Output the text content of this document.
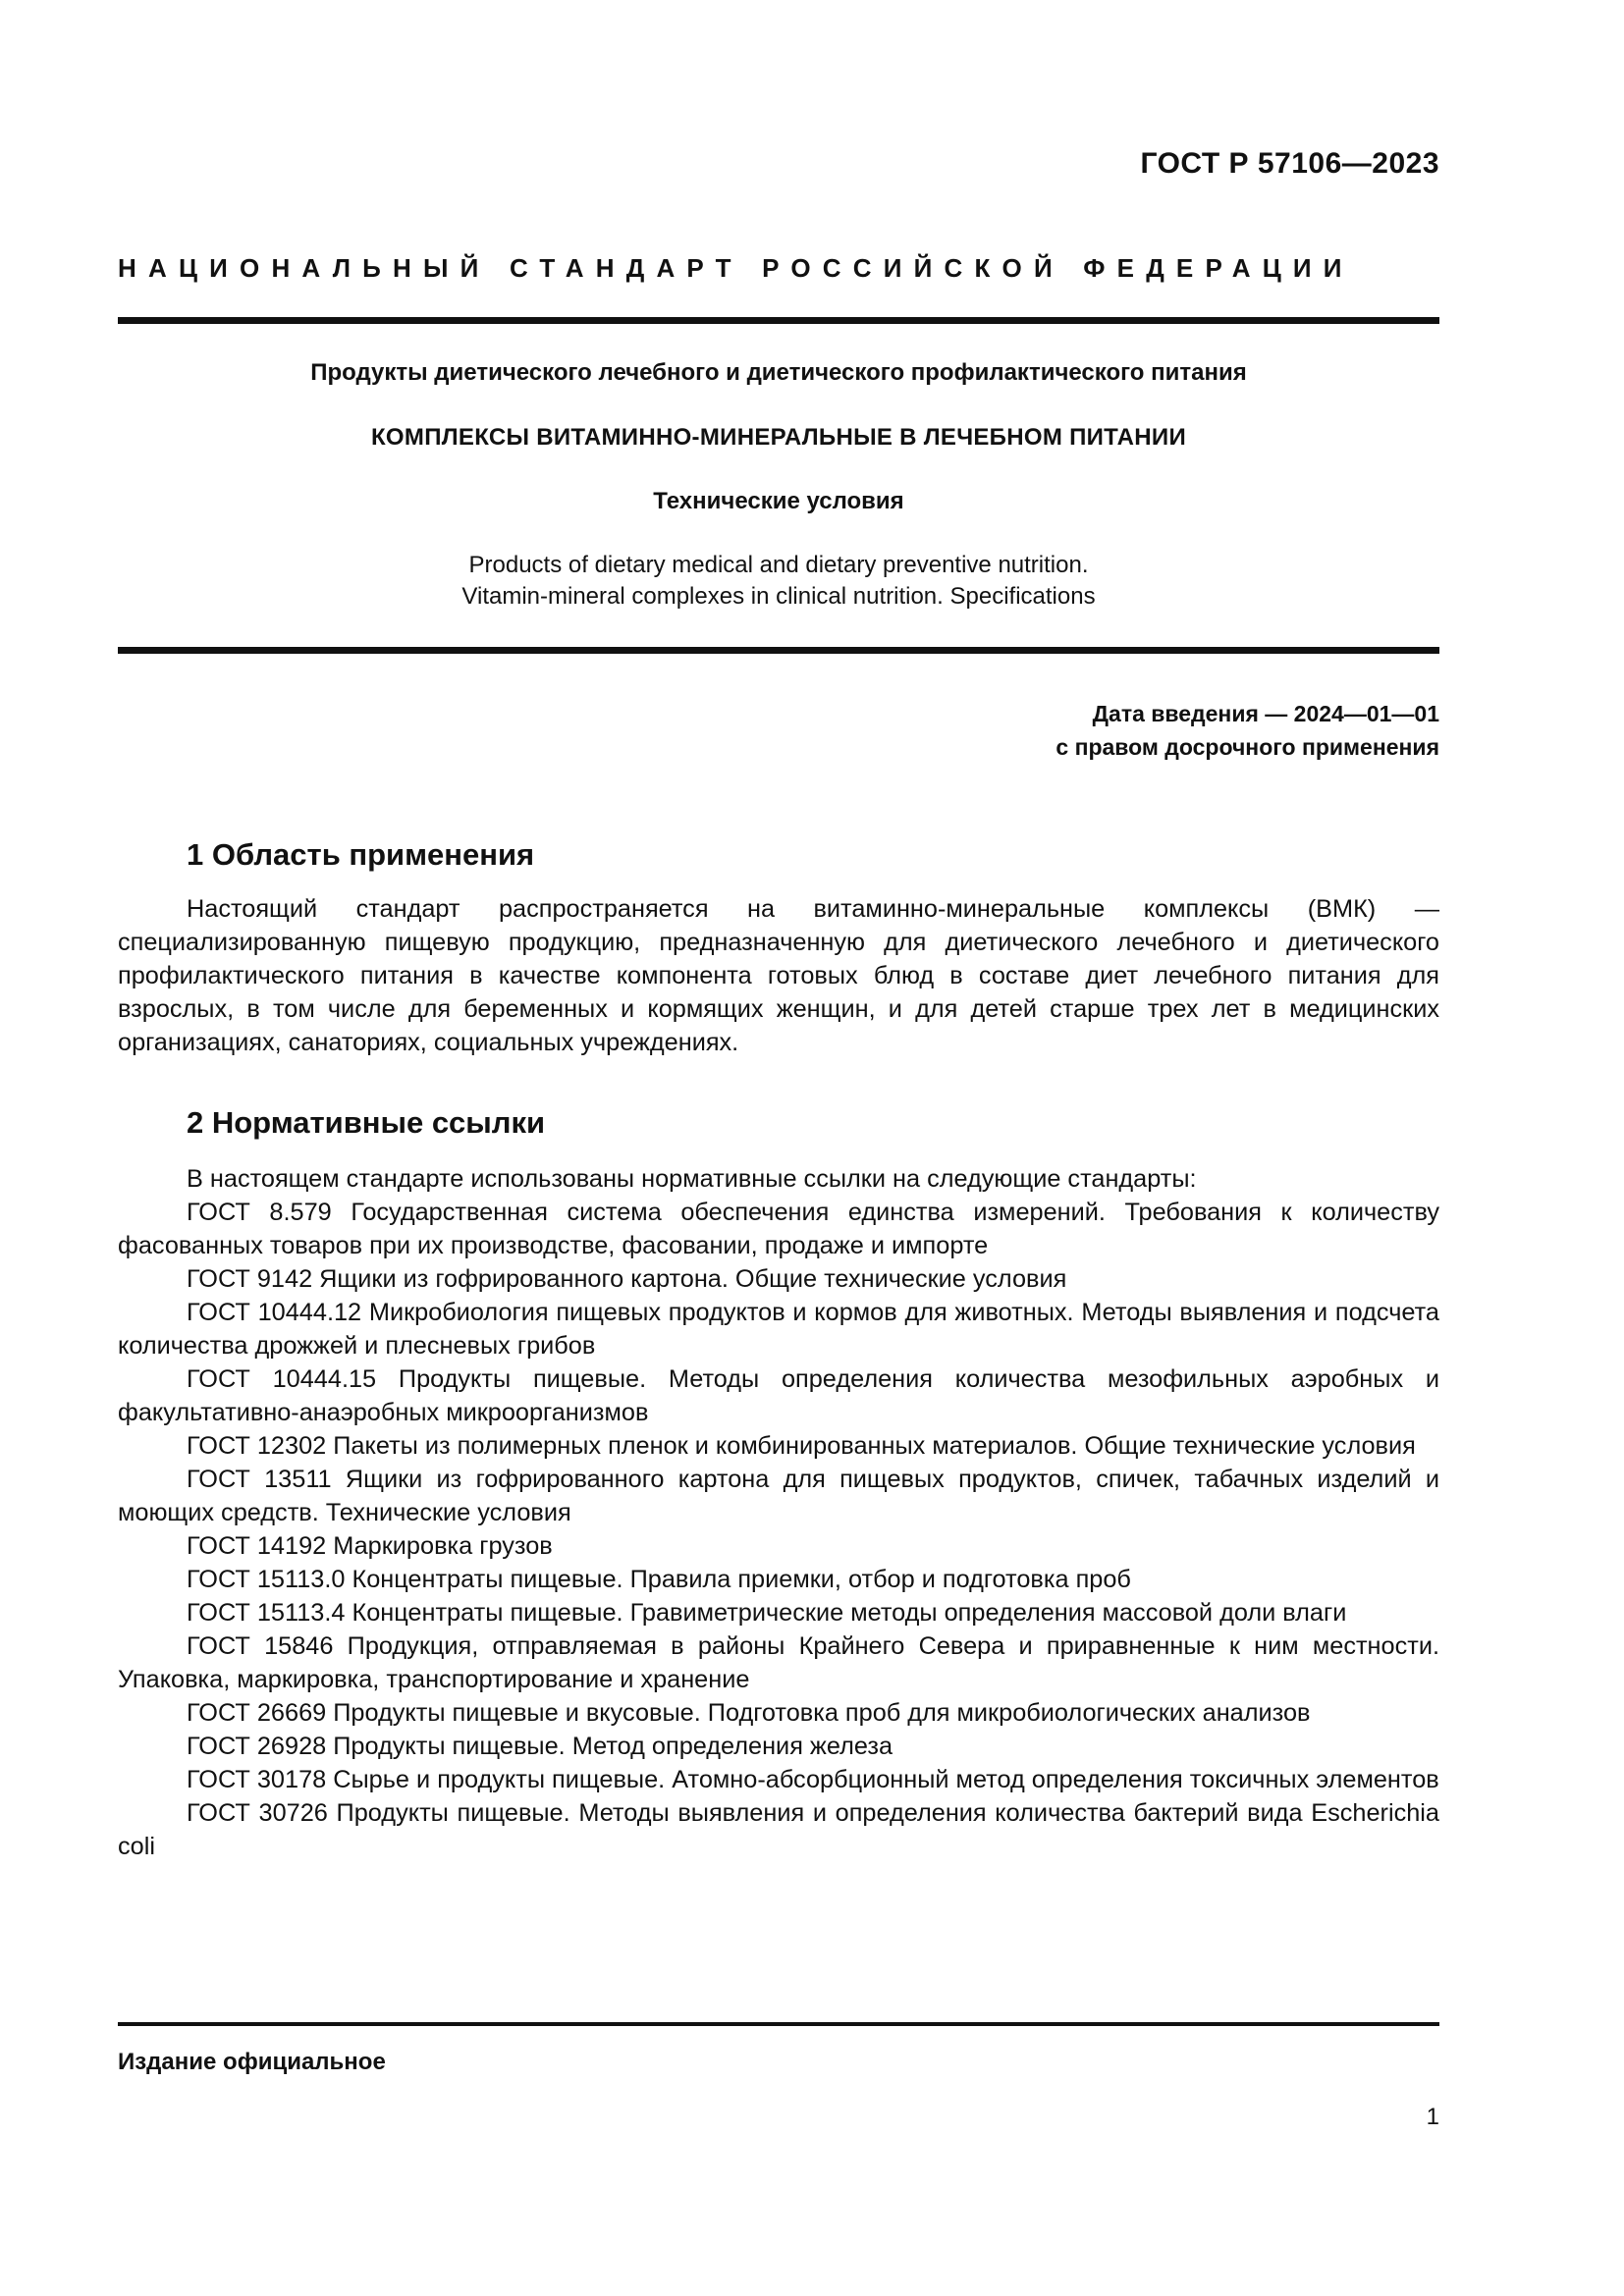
ГОСТ Р 57106—2023
НАЦИОНАЛЬНЫЙ СТАНДАРТ РОССИЙСКОЙ ФЕДЕРАЦИИ
Продукты диетического лечебного и диетического профилактического питания
КОМПЛЕКСЫ ВИТАМИННО-МИНЕРАЛЬНЫЕ В ЛЕЧЕБНОМ ПИТАНИИ
Технические условия
Products of dietary medical and dietary preventive nutrition.
Vitamin-mineral complexes in clinical nutrition. Specifications
Дата введения — 2024—01—01
с правом досрочного применения
1 Область применения
Настоящий стандарт распространяется на витаминно-минеральные комплексы (ВМК) — специализированную пищевую продукцию, предназначенную для диетического лечебного и диетического профилактического питания в качестве компонента готовых блюд в составе диет лечебного питания для взрослых, в том числе для беременных и кормящих женщин, и для детей старше трех лет в медицинских организациях, санаториях, социальных учреждениях.
2 Нормативные ссылки
В настоящем стандарте использованы нормативные ссылки на следующие стандарты:
ГОСТ 8.579 Государственная система обеспечения единства измерений. Требования к количеству фасованных товаров при их производстве, фасовании, продаже и импорте
ГОСТ 9142 Ящики из гофрированного картона. Общие технические условия
ГОСТ 10444.12 Микробиология пищевых продуктов и кормов для животных. Методы выявления и подсчета количества дрожжей и плесневых грибов
ГОСТ 10444.15 Продукты пищевые. Методы определения количества мезофильных аэробных и факультативно-анаэробных микроорганизмов
ГОСТ 12302 Пакеты из полимерных пленок и комбинированных материалов. Общие технические условия
ГОСТ 13511 Ящики из гофрированного картона для пищевых продуктов, спичек, табачных изделий и моющих средств. Технические условия
ГОСТ 14192 Маркировка грузов
ГОСТ 15113.0 Концентраты пищевые. Правила приемки, отбор и подготовка проб
ГОСТ 15113.4 Концентраты пищевые. Гравиметрические методы определения массовой доли влаги
ГОСТ 15846 Продукция, отправляемая в районы Крайнего Севера и приравненные к ним местности. Упаковка, маркировка, транспортирование и хранение
ГОСТ 26669 Продукты пищевые и вкусовые. Подготовка проб для микробиологических анализов
ГОСТ 26928 Продукты пищевые. Метод определения железа
ГОСТ 30178 Сырье и продукты пищевые. Атомно-абсорбционный метод определения токсичных элементов
ГОСТ 30726 Продукты пищевые. Методы выявления и определения количества бактерий вида Escherichia coli
Издание официальное
1
